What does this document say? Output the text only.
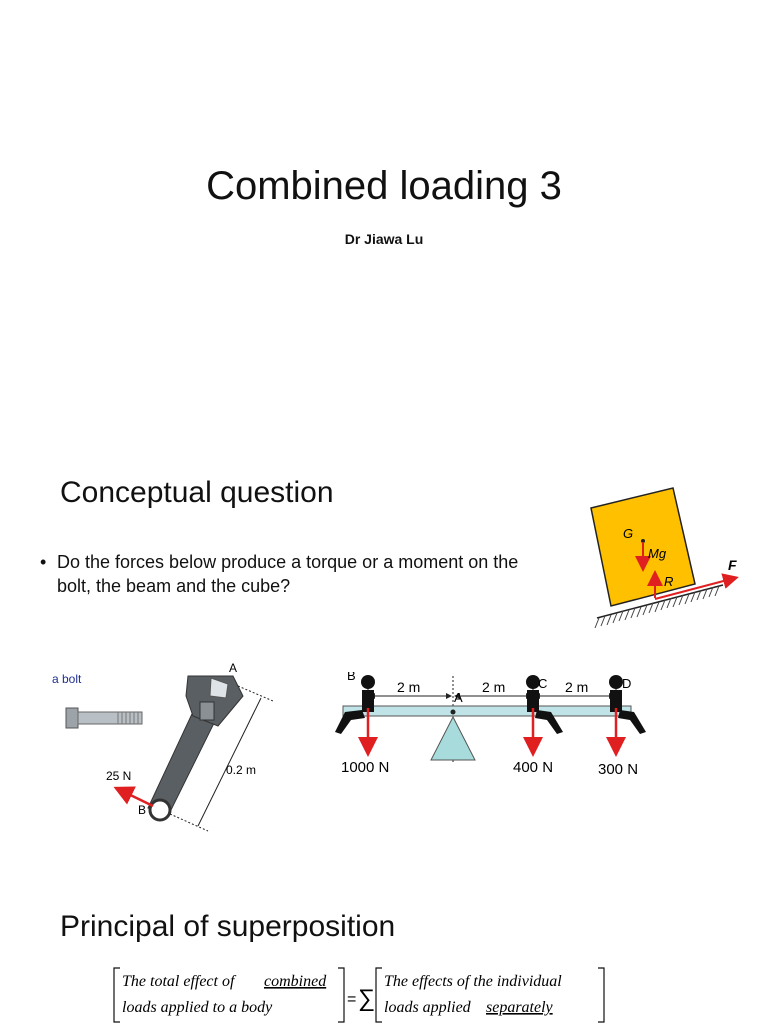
Combined loading 3
Dr Jiawa Lu
Conceptual question
• Do the forces below produce a torque or a moment on the bolt, the beam and the cube?
G
Mg
R
F
a bolt
A
B
25 N	0.2 m
2 m	2 m	2 m
A
B
C	D
1000 N	400 N	300 N
Principal of superposition
The total effect of combined
loads applied to a body	= ∑
The effects of the individual
loads applied separately
